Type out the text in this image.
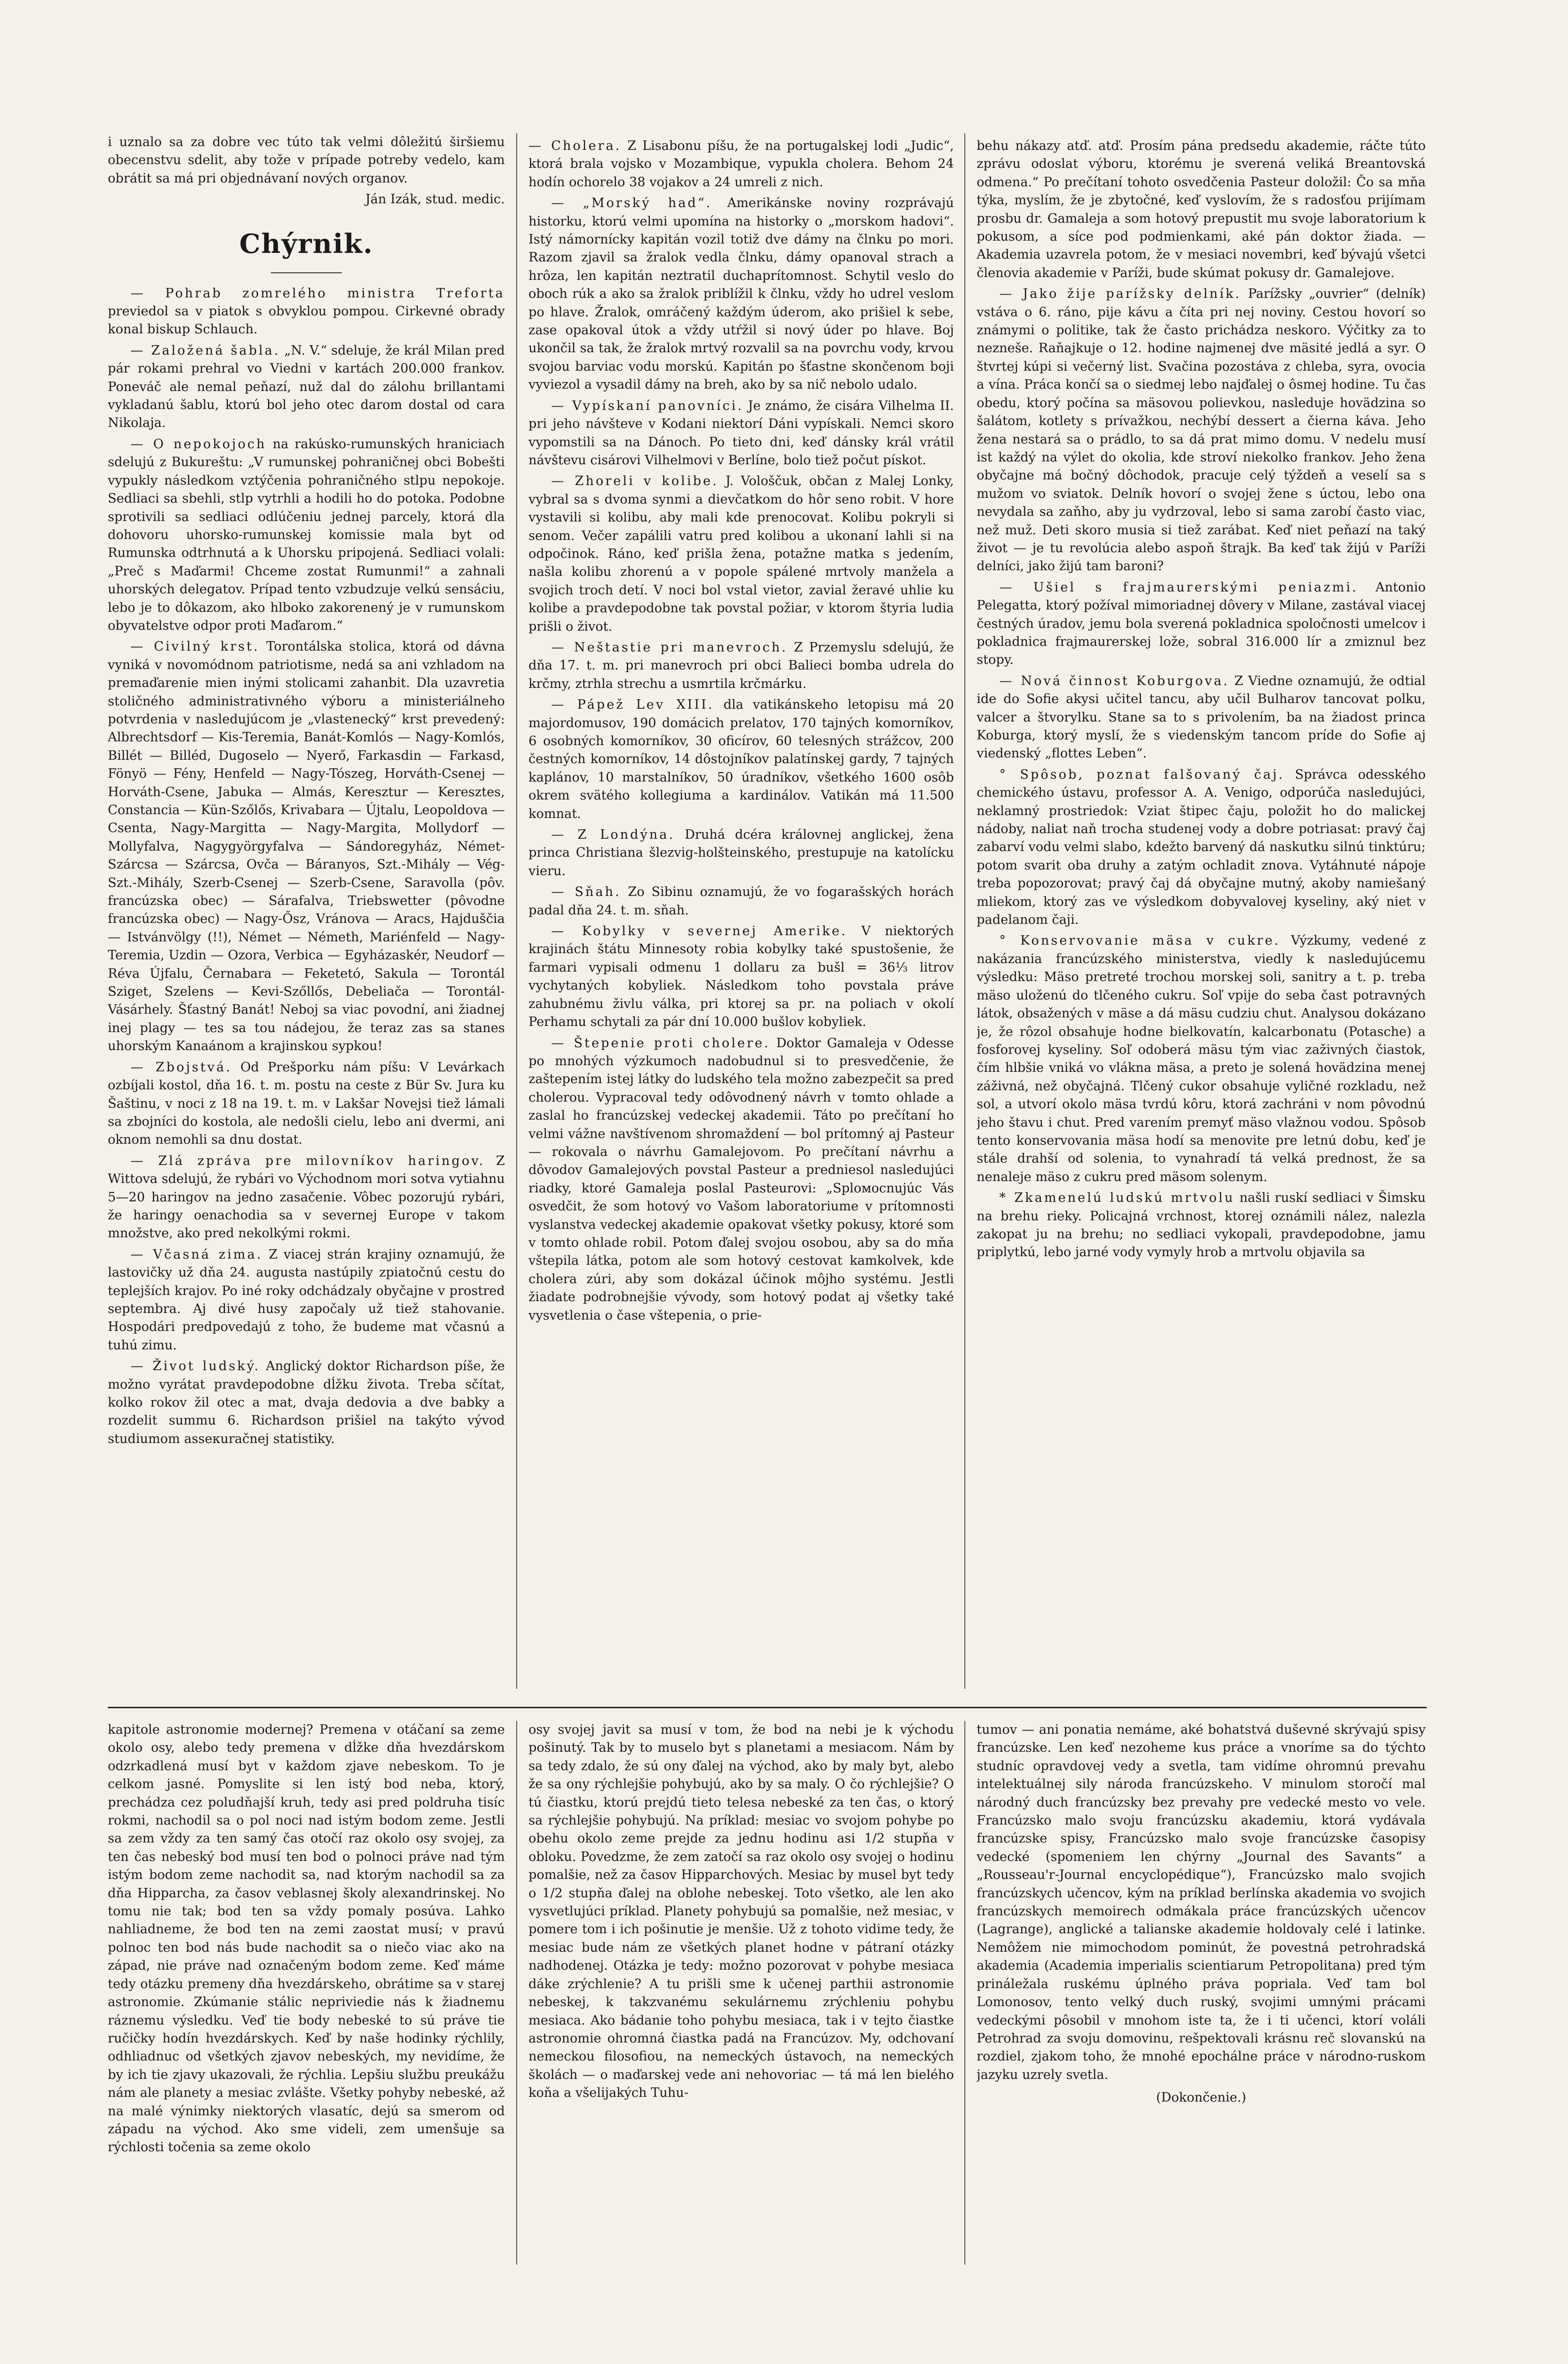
i uznalo sa za dobre vec túto tak velmi dôležitú širšiemu obecenstvu sdelit, aby tože v prípade potreby vedelo, kam obrátit sa má pri objednávaní nových organov.

Ján Izák, stud. medic.
Chýrnik.

— Pohrab zomrelého ministra Treforta previedol sa v piatok s obvyklou pompou. Cirkevné obrady konal biskup Schlauch.

— Založená šabla. „N. V.“ sdeluje, že král Milan pred pár rokami prehral vo Viedni v kartách 200.000 frankov. Poneváč ale nemal peňazí, nuž dal do zálohu brillantami vykladanú šablu, ktorú bol jeho otec darom dostal od cara Nikolaja.

— O nepokojoch na rakúsko-rumunských hraniciach sdelujú z Bukureštu: „V rumunskej pohraničnej obci Bobešti vypukly následkom vztýčenia pohraničného stlpu nepokoje. Sedliaci sa sbehli, stlp vytrhli a hodili ho do potoka. Podobne sprotivili sa sedliaci odlúčeniu jednej parcely, ktorá dla dohovoru uhorsko-rumunskej komissie mala byt od Rumunska odtrhnutá a k Uhorsku pripojená. Sedliaci volali: „Preč s Maďarmi! Chceme zostat Rumunmi!“ a zahnali uhorských delegatov. Prípad tento vzbudzuje velkú sensáciu, lebo je to dôkazom, ako hlboko zakorenený je v rumunskom obyvatelstve odpor proti Maďarom.“

— Civilný krst. Torontálska stolica, ktorá od dávna vyniká v novomódnom patriotisme, nedá sa ani vzhladom na premaďarenie mien inými stolicami zahanbit. Dla uzavretia stoličného administrativného výboru a ministeriálneho potvrdenia v nasledujúcom je „vlastenecký“ krst prevedený: Albrechtsdorf — Kis-Teremia, Banát-Komlós — Nagy-Komlós, Billét — Billéd, Dugoselo — Nyerő, Farkasdin — Farkasd, Fönyö — Fény, Henfeld — Nagy-Tószeg, Horváth-Csenej — Horváth-Csene, Jabuka — Almás, Keresztur — Keresztes, Constancia — Kün-Szőlős, Krivabara — Újtalu, Leopoldova — Csenta, Nagy-Margitta — Nagy-Margita, Mollydorf — Mollyfalva, Nagygyörgyfalva — Sándoregyház, Német-Szárcsa — Szárcsa, Ovča — Báranyos, Szt.-Mihály — Vég-Szt.-Mihály, Szerb-Csenej — Szerb-Csene, Saravolla (pôv. francúzska obec) — Sárafalva, Triebswetter (pôvodne francúzska obec) — Nagy-Ősz, Vránova — Aracs, Hajduščia — Istvánvölgy (!!), Német — Németh, Mariénfeld — Nagy-Teremia, Uzdin — Ozora, Verbica — Egyházaskér, Neudorf — Réva Újfalu, Černabara — Feketetó, Sakula — Torontál Sziget, Szelens — Kevi-Szőllős, Debeliača — Torontál-Vásárhely. Šťastný Banát! Neboj sa viac povodní, ani žiadnej inej plagy — tes sa tou nádejou, že teraz zas sa stanes uhorským Kanaánom a krajinskou sypkou!

— Zbojstvá. Od Prešporku nám píšu: V Levárkach ozbíjali kostol, dňa 16. t. m. postu na ceste z Bür Sv. Jura ku Šaštinu, v noci z 18 na 19. t. m. v Lakšar Novejsi tiež lámali sa zbojníci do kostola, ale nedošli cielu, lebo ani dvermi, ani oknom nemohli sa dnu dostat.

— Zlá zpráva pre milovníkov haringov. Z Wittova sdelujú, že rybári vo Východnom mori sotva vytiahnu 5—20 haringov na jedno zasačenie. Vôbec pozorujú rybári, že haringy oenachodia sa v severnej Europe v takom množstve, ako pred nekolkými rokmi.

— Včasná zima. Z viacej strán krajiny oznamujú, že lastovičky už dňa 24. augusta nastúpily zpiatočnú cestu do teplejších krajov. Po iné roky odchádzaly obyčajne v prostred septembra. Aj divé husy započaly už tiež stahovanie. Hospodári predpovedajú z toho, že budeme mat včasnú a tuhú zimu.

— Život ludský. Anglický doktor Richardson píše, že možno vyrátat pravdepodobne dĺžku života. Treba sčítat, kolko rokov žil otec a mat, dvaja dedovia a dve babky a rozdelit summu 6. Richardson prišiel na takýto vývod studiumom asseкuračnej statistiky.

— Cholera. Z Lisabonu píšu, že na portugalskej lodi „Judic“, ktorá brala vojsko v Mozambique, vypukla cholera. Behom 24 hodín ochorelo 38 vojakov a 24 umreli z nich.

— „Morský had“. Amerikánske noviny rozprávajú historku, ktorú velmi upomína na historky o „morskom hadovi“. Istý námornícky kapitán vozil totiž dve dámy na člnku po mori. Razom zjavil sa žralok vedla člnku, dámy opanoval strach a hrôza, len kapitán neztratil duchaprítomnost. Schytil veslo do oboch rúk a ako sa žralok priblížil k člnku, vždy ho udrel veslom po hlave. Žralok, omráčený každým úderom, ako prišiel k sebe, zase opakoval útok a vždy utŕžil si nový úder po hlave. Boj ukončil sa tak, že žralok mrtvý rozvalil sa na povrchu vody, krvou svojou barviac vodu morskú. Kapitán po šťastne skončenom boji vyviezol a vysadil dámy na breh, ako by sa nič nebolo udalo.

— Vypískaní panovníci. Je známo, že cisára Vilhelma II. pri jeho návšteve v Kodani niektorí Dáni vypískali. Nemci skoro vypomstili sa na Dánoch. Po tieto dni, keď dánsky král vrátil návštevu cisárovi Vilhelmovi v Berlíne, bolo tiež počut pískot.

— Zhoreli v kolibe. J. Vološčuk, občan z Malej Lonky, vybral sa s dvoma synmi a dievčatkom do hôr seno robit. V hore vystavili si kolibu, aby mali kde prenocovat. Kolibu pokryli si senom. Večer zapálili vatru pred kolibou a ukonaní lahli si na odpočinok. Ráno, keď prišla žena, potažne matka s jedením, našla kolibu zhorenú a v popole spálené mrtvoly manžela a svojich troch detí. V noci bol vstal vietor, zavial žeravé uhlie ku kolibe a pravdepodobne tak povstal požiar, v ktorom štyria ludia prišli o život.

— Neštastie pri manevroch. Z Przemyslu sdelujú, že dňa 17. t. m. pri manevroch pri obci Balieci bomba udrela do krčmy, ztrhla strechu a usmrtila krčmárku.

— Pápež Lev XIII. dla vatikánskeho letopisu má 20 majordomusov, 190 domácich prelatov, 170 tajných komorníkov, 6 osobných komorníkov, 30 oficírov, 60 telesných strážcov, 200 čestných komorníkov, 14 dôstojníkov palatínskej gardy, 7 tajných kaplánov, 10 marstalníkov, 50 úradníkov, všetkého 1600 osôb okrem svätého kollegiuma a kardinálov. Vatikán má 11.500 komnat.

— Z Londýna. Druhá dcéra královnej anglickej, žena princa Christiana šlezvig-holšteinského, prestupuje na katolícku vieru.

— Sňah. Zo Sibinu oznamujú, že vo fogarašských horách padal dňa 24. t. m. sňah.

— Kobylky v severnej Amerike. V niektorých krajinách štátu Minnesoty robia kobylky také spustošenie, že farmari vypisali odmenu 1 dollaru za bušl = 36⅓ litrov vychytaných kobyliek. Následkom toho povstala práve zahubnému živlu válka, pri ktorej sa pr. na poliach v okolí Perhamu schytali za pár dní 10.000 bušlov kobyliek.

— Štepenie proti cholere. Doktor Gamaleja v Odesse po mnohých výzkumoch nadobudnul si to presvedčenie, že zaštepením istej látky do ludského tela možno zabezpečit sa pred cholerou. Vypracoval tedy odôvodnený návrh v tomto ohlade a zaslal ho francúzskej vedeckej akademii. Táto po prečítaní ho velmi vážne navštívenom shromaždení — bol prítomný aj Pasteur — rokovala o návrhu Gamalejovom. Po prečítaní návrhu a dôvodov Gamalejových povstal Pasteur a predniesol nasledujúci riadky, ktoré Gamaleja poslal Pasteurovi: „Sploмocnujúc Vás osvedčit, že som hotový vo Vašom laboratoriume v prítomnosti vyslanstva vedeckej akademie opakovat všetky pokusy, ktoré som v tomto ohlade robil. Potom ďalej svojou osobou, aby sa do mňa vštepila látka, potom ale som hotový cestovat kamkolvek, kde cholera zúri, aby som dokázal účinok môjho systému. Jestli žiadate podrobnejšie vývody, som hotový podat aj všetky také vysvetlenia o čase vštepenia, o prie-

behu nákazy atď. atď. Prosím pána predsedu akademie, ráčte túto zprávu odoslat výboru, ktorému je sverená veliká Breantovská odmena.“ Po prečítaní tohoto osvedčenia Pasteur doložil: Čo sa mňa týka, myslím, že je zbytočné, keď vyslovím, že s radosťou prijímam prosbu dr. Gamaleja a som hotový prepustit mu svoje laboratorium k pokusom, a síce pod podmienkami, aké pán doktor žiada. — Akademia uzavrela potom, že v mesiaci novembri, keď bývajú všetci členovia akademie v Paríži, bude skúmat pokusy dr. Gamalejove.

— Jako žije parížsky delník. Parížsky „ouvrier“ (delník) vstáva o 6. ráno, pije kávu a číta pri nej noviny. Cestou hovorí so známymi o politike, tak že často prichádza neskoro. Výčitky za to nezneše. Raňajkuje o 12. hodine najmenej dve mäsité jedlá a syr. O štvrtej kúpi si večerný list. Svačina pozostáva z chleba, syra, ovocia a vína. Práca končí sa o siedmej lebo najďalej o ôsmej hodine. Tu čas obedu, ktorý počína sa mäsovou polievkou, nasleduje hovädzina so šalátom, kotlety s prívažkou, nechýbí dessert a čierna káva. Jeho žena nestará sa o prádlo, to sa dá prat mimo domu. V nedelu musí ist každý na výlet do okolia, kde stroví niekolko frankov. Jeho žena obyčajne má bočný dôchodok, pracuje celý týždeň a veselí sa s mužom vo sviatok. Delník hovorí o svojej žene s úctou, lebo ona nevydala sa zaňho, aby ju vydrzoval, lebo si sama zarobí často viac, než muž. Deti skoro musia si tiež zarábat. Keď niet peňazí na taký život — je tu revolúcia alebo aspoň štrajk. Ba keď tak žijú v Paríži delníci, jako žijú tam baroni?

— Ušiel s frajmaurerskými peniazmi. Antonio Pelegatta, ktorý požíval mimoriadnej dôvery v Milane, zastával viacej čestných úradov, jemu bola sverená pokladnica spoločnosti umelcov i pokladnica frajmaurerskej lože, sobral 316.000 lír a zmiznul bez stopy.

— Nová činnost Koburgova. Z Viedne oznamujú, že odtial ide do Sofie akysi učitel tancu, aby učil Bulharov tancovat polku, valcer a štvorylku. Stane sa to s privolením, ba na žiadost princa Koburga, ktorý myslí, že s viedenským tancom príde do Sofie aj viedenský „flottes Leben“.

° Spôsob, poznat falšovaný čaj. Správca odesského chemického ústavu, professor A. A. Venigo, odporúča nasledujúci, neklamný prostriedok: Vziat štipec čaju, položit ho do malickej nádoby, naliat naň trocha studenej vody a dobre potriasat: pravý čaj zabarví vodu velmi slabo, kdežto barvený dá naskutku silnú tinktúru; potom svarit oba druhy a zatým ochladit znova. Vytáhnuté nápoje treba popozorovat; pravý čaj dá obyčajne mutný, akoby namiešaný mliekom, ktorý zas ve výsledkom dobyvalovej kyseliny, aký niet v padelanom čaji.

° Konservovanie mäsa v cukre. Výzkumy, vedené z nakázania francúzského ministerstva, viedly k nasledujúcemu výsledku: Mäso pretreté trochou morskej soli, sanitrу a t. p. treba mäso uloženú do tlčeného cukru. Soľ vpije do seba čast potravných látok, obsažených v mäse a dá mäsu cudziu chut. Analysou dokázano je, že rôzol obsahuje hodne bielkovatín, kalcarbonatu (Potasche) a fosforovej kyseliny. Soľ odoberá mäsu tým viac zaživných čiastok, čím hlbšie vniká vo vlákna mäsa, a preto je solená hovädzina menej záživná, než obyčajná. Tlčený cukor obsahuje vyličné rozkladu, než sol, a utvorí okolo mäsa tvrdú kôru, ktorá zachráni v nom pôvodnú jeho štavu i chut. Pred varením premyť mäso vlažnou vodou. Spôsob tento konservovania mäsa hodí sa menovite pre letnú dobu, keď je stále drahší od solenia, to vynahradí tá velká prednost, že sa nenaleje mäso z cukru pred mäsom solenym.

* Zkamenelú ludskú mrtvolu našli ruskí sedliaci v Šimsku na brehu rieky. Policajná vrchnost, ktorej oznámili nález, nalezla zakopat ju na brehu; no sedliaci vykopali, pravdepodobne, jamu priplytkú, lebo jarné vody vymyly hrob a mrtvolu objavila sa

kapitole astronomie modernej? Premena v otáčaní sa zeme okolo osy, alebo tedy premena v dĺžke dňa hvezdárskom odzrkadlená musí byt v každom zjave nebeskom. To je celkom jasné. Pomyslite si len istý bod neba, ktorý, prechádza cez poludňajší kruh, tedy asi pred poldruha tisíc rokmi, nachodil sa o pol noci nad istým bodom zeme. Jestli sa zem vždy za ten samý čas otočí raz okolo osy svojej, za ten čas nebeský bod musí ten bod o polnoci práve nad tým istým bodom zeme nachodit sa, nad ktorým nachodil sa za dňa Hipparcha, za časov veblasnej školy alexandrinskej. No tomu nie tak; bod ten sa vždy pomaly posúva. Lahko nahliadneme, že bod ten na zemi zaostat musí; v pravú polnoc ten bod nás bude nachodit sa o niečo viac ako na západ, nie práve nad označeným bodom zeme. Keď máme tedy otázku premeny dňa hvezdárskeho, obrátime sa v starej astronomie. Zkúmanie stálic nepriviedie nás k žiadnemu ráznemu výsledku. Veď tie body nebeské to sú práve tie ručičky hodín hvezdárskych. Keď by naše hodinky rýchlily, odhliadnuc od všetkých zjavov nebeských, my nevidíme, že by ich tie zjavy ukazovali, že rýchlia. Lepšiu službu preukážu nám ale planety a mesiac zvlášte. Všetky pohyby nebeské, až na malé výnimky niektorých vlasatíc, dejú sa smerom od západu na východ. Ako sme videli, zem umenšuje sa rýchlosti točenia sa zeme okolo

osy svojej javit sa musí v tom, že bod na nebi je k východu pošinutý. Tak by to muselo byt s planetami a mesiacom. Nám by sa tedy zdalo, že sú ony ďalej na východ, ako by maly byt, alebo že sa ony rýchlejšie pohybujú, ako by sa maly. O čo rýchlejšie? O tú čiastku, ktorú prejdú tieto telesa nebeské za ten čas, o ktorý sa rýchlejšie pohybujú. Na príklad: mesiac vo svojom pohybe po obehu okolo zeme prejde za jednu hodinu asi 1/2 stupňa v obloku. Povedzme, že zem zatočí sa raz okolo osy svojej o hodinu pomalšie, než za časov Hipparchových. Mesiac by musel byt tedy o 1/2 stupňa ďalej na oblohe nebeskej. Toto všetko, ale len ako vysvetlujúci príklad. Planety pohybujú sa pomalšie, než mesiac, v pomere tom i ich pošinutie je menšie. Už z tohoto vidime tedy, že mesiac bude nám ze všetkých planet hodne v pátraní otázky nadhodenej. Otázka je tedy: možno pozorovat v pohybe mesiaca dáke zrýchlenie? A tu prišli sme k učenej parthii astronomie nebeskej, k takzvanému sekulárnemu zrýchleniu pohybu mesiaca. Ako bádanie toho pohybu mesiaca, tak i v tejto čiastke astronomie ohromná čiastka padá na Francúzov. My, odchovaní nemeckou filosofiou, na nemeckých ústavoch, na nemeckých školách — o maďarskej vede ani nehovoriac — tá má len bielého koňa a všelijakých Tuhu-

tumov — ani ponatia nemáme, aké bohatstvá duševné skrývajú spisy francúzske. Len keď nezoheme kus práce a vnoríme sa do týchto studníc opravdovej vedy a svetla, tam vidíme ohromnú prevahu intelektuálnej sily národa francúzskeho. V minulom storočí mal národný duch francúzsky bez prevahy pre vedecké mesto vo vele. Francúzsko malo svoju francúzsku akademiu, ktorá vydávala francúzske spisy, Francúzsko malo svoje francúzske časopisy vedecké (spomeniem len chýrny „Journal des Savants“ a „Rousseau'r-Journal encyclopédique“), Francúzsko malo svojich francúzskych učencov, kým na príklad berlínska akademia vo svojich francúzskych memoirech odmákala práce francúzských učencov (Lagrange), anglické a talianske akademie holdovaly celé i latinke. Nemôžem nie mimochodom pominút, že povestná petrohradská akademia (Academia imperialis scientiarum Petropolitana) pred tým prináležala ruskému úplného práva popriala. Veď tam bol Lomonosov, tento velký duch ruský, svojimi umnými prácami vedeckými pôsobil v mnohom iste ta, že i ti učenci, ktorí voláli Petrohrad za svoju domovinu, rešpektovali krásnu reč slovanskú na rozdiel, zjakom toho, že mnohé epochálne práce v národno-ruskom jazyku uzrely svetla.

(Dokončenie.)
